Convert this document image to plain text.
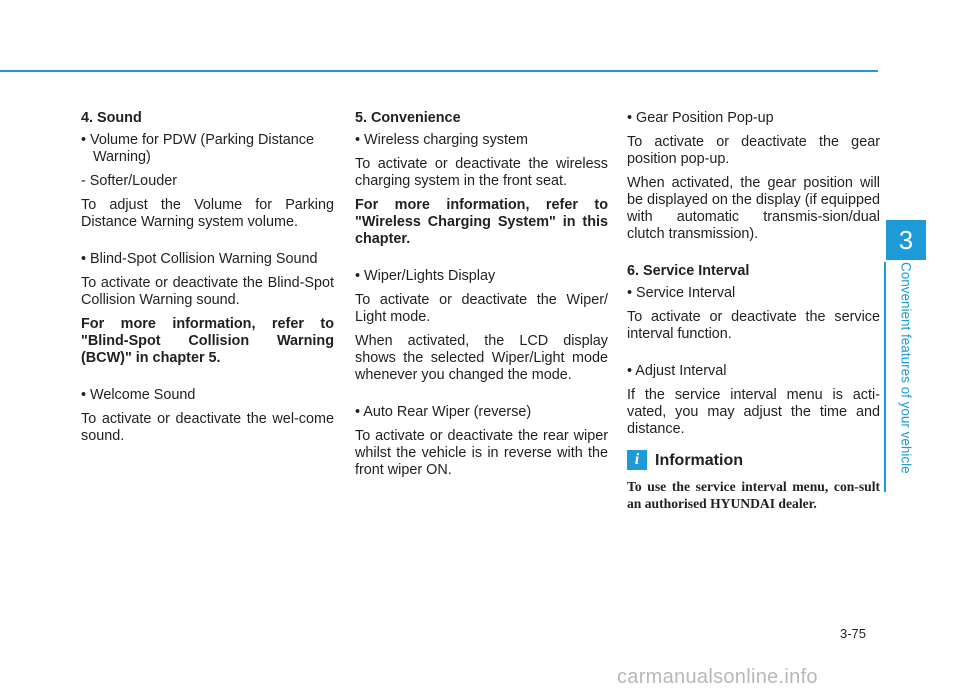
4. Sound

• Volume for PDW (Parking Distance Warning)

- Softer/Louder

To adjust the Volume for Parking Distance Warning system volume.

• Blind-Spot Collision Warning Sound

To activate or deactivate the Blind-Spot Collision Warning sound.

For more information, refer to "Blind-Spot Collision Warning (BCW)" in chapter 5.

• Welcome Sound

To activate or deactivate the wel-come sound.

5. Convenience

• Wireless charging system

To activate or deactivate the wireless charging system in the front seat.

For more information, refer to "Wireless Charging System" in this chapter.

• Wiper/Lights Display

To activate or deactivate the Wiper/ Light mode.

When activated, the LCD display shows the selected Wiper/Light mode whenever you changed the mode.

• Auto Rear Wiper (reverse)

To activate or deactivate the rear wiper whilst the vehicle is in reverse with the front wiper ON.

• Gear Position Pop-up

To activate or deactivate the gear position pop-up.

When activated, the gear position will be displayed on the display (if equipped with automatic transmis-sion/dual clutch transmission).

6. Service Interval

• Service Interval

To activate or deactivate the service interval function.

• Adjust Interval

If the service interval menu is acti-vated, you may adjust the time and distance.

i Information
To use the service interval menu, con-sult an authorised HYUNDAI dealer.
3
Convenient features of your vehicle
3-75
carmanualsonline.info
